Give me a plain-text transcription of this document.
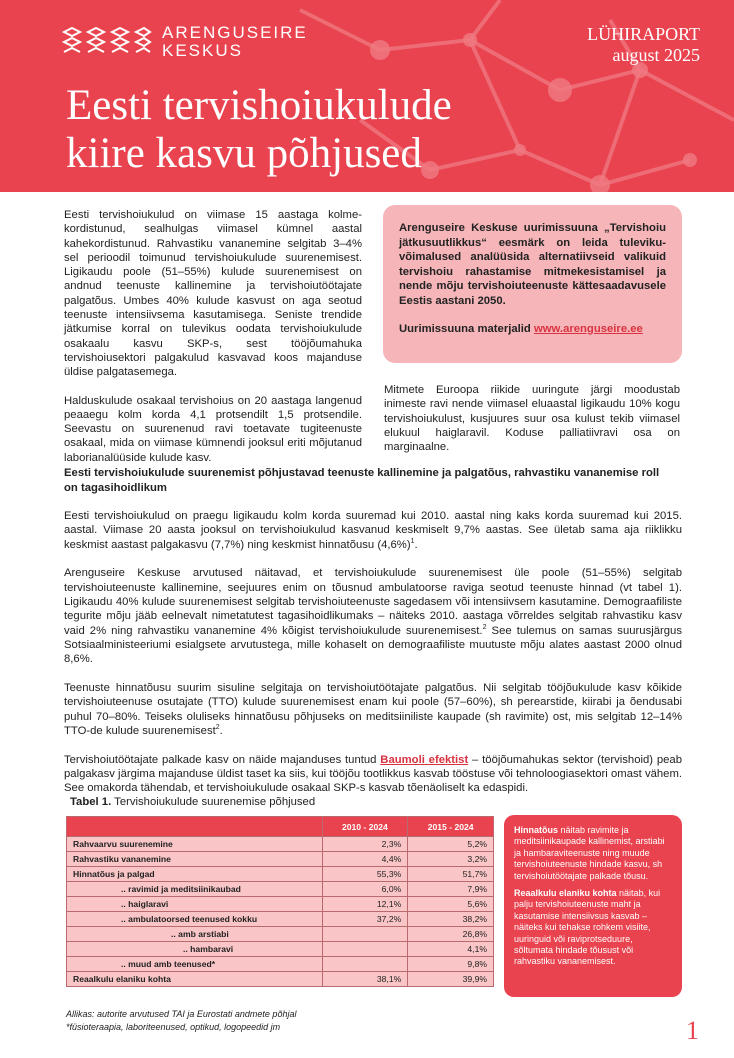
ARENGUSEIRE
KESKUS
LÜHIRAPORT
august 2025
Eesti tervishoiukulude
kiire kasvu põhjused

Eesti tervishoiukulud on viimase 15 aastaga kolmekordistunud, sealhulgas viimasel kümnel aastal kahekordistunud. Rahvastiku vananemine selgitab 3–4% sel perioodil toimunud tervishoiukulude suurenemisest. Ligikaudu poole (51–55%) kulude suurenemisest on andnud teenuste kallinemine ja tervishoiutöötajate palgatõus. Umbes 40% kulude kasvust on aga seotud teenuste intensiivsema kasutamisega. Seniste trendide jätkumise korral on tulevikus oodata tervishoiukulude osakaalu kasvu SKP-s, sest tööjõumahuka tervishoiusektori palgakulud kasvavad koos majanduse üldise palgatasemega.

Halduskulude osakaal tervishoius on 20 aastaga langenud peaaegu kolm korda 4,1 protsendilt 1,5 protsendile. Seevastu on suurenenud ravi toetavate tugiteenuste osakaal, mida on viimase kümnendi jooksul eriti mõjutanud laborianalüüside kulude kasv.

Arenguseire Keskuse uurimissuuna „Tervishoiu jätkusuutlikkus“ eesmärk on leida tulevikuvõimalused analüüsida alternatiivseid valikuid tervishoiu rahastamise mitmekesistamisel ja nende mõju tervishoiuteenuste kättesaadavusele Eestis aastani 2050.

Uurimissuuna materjalid www.arenguseire.ee

Mitmete Euroopa riikide uuringute järgi moodustab inimeste ravi nende viimasel eluaastal ligikaudu 10% kogu tervishoiukulust, kusjuures suur osa kulust tekib viimasel elukuul haiglaravil. Koduse palliatiivravi osa on marginaalne.

Eesti tervishoiukulude suurenemist põhjustavad teenuste kallinemine ja palgatõus, rahvastiku vananemise roll on tagasihoidlikum

Eesti tervishoiukulud on praegu ligikaudu kolm korda suuremad kui 2010. aastal ning kaks korda suuremad kui 2015. aastal. Viimase 20 aasta jooksul on tervishoiukulud kasvanud keskmiselt 9,7% aastas. See ületab sama aja riiklikku keskmist aastast palgakasvu (7,7%) ning keskmist hinnatõusu $(4,6\%)^1$.

Arenguseire Keskuse arvutused näitavad, et tervishoiukulude suurenemisest üle poole (51–55%) selgitab tervishoiuteenuste kallinemine, seejuures enim on tõusnud ambulatoorse raviga seotud teenuste hinnad (vt tabel 1). Ligikaudu 40% kulude suurenemisest selgitab tervishoiuteenuste sagedasem või intensiivsem kasutamine. Demograafiliste tegurite mõju jääb eelnevalt nimetatutest tagasihoidlikumaks – näiteks 2010. aastaga võrreldes selgitab rahvastiku kasv vaid 2% ning rahvastiku vananemine 4% kõigist tervishoiukulude suurenemisest.$^2$ See tulemus on samas suurusjärgus Sotsiaalministeeriumi esialgsete arvutustega, mille kohaselt on demograafiliste muutuste mõju alates aastast 2000 olnud 8,6%.

Teenuste hinnatõusu suurim sisuline selgitaja on tervishoiutöötajate palgatõus. Nii selgitab tööjõukulude kasv kõikide tervishoiuteenuse osutajate (TTO) kulude suurenemisest enam kui poole (57–60%), sh perearstide, kiirabi ja õendusabi puhul 70–80%. Teiseks oluliseks hinnatõusu põhjuseks on meditsiiniliste kaupade (sh ravimite) ost, mis selgitab 12–14% TTO-de kulude suurenemisest$^2$.

Tervishoiutöötajate palkade kasv on näide majanduses tuntud Baumoli efektist – tööjõumahukas sektor (tervishoid) peab palgakasv järgima majanduse üldist taset ka siis, kui tööjõu tootlikkus kasvab tööstuse või tehnoloogiasektori omast vähem. See omakorda tähendab, et tervishoiukulude osakaal SKP-s kasvab tõenäoliselt ka edaspidi.

Tabel 1. Tervishoiukulude suurenemise põhjused
	2010 - 2024	2015 - 2024
Rahvaarvu suurenemine	2,3%	5,2%
Rahvastiku vananemine	4,4%	3,2%
Hinnatõus ja palgad	55,3%	51,7%
.. ravimid ja meditsiinikaubad	6,0%	7,9%
.. haiglaravi	12,1%	5,6%
.. ambulatoorsed teenused kokku	37,2%	38,2%
.. amb arstiabi		26,8%
.. hambaravi		4,1%
.. muud amb teenused*		9,8%
Reaalkulu elaniku kohta	38,1%	39,9%
Allikas: autorite arvutused TAI ja Eurostati andmete põhjal
*füsioteraapia, laboriteenused, optikud, logopeedid jm

Hinnatõus näitab ravimite ja meditsiinikaupade kallinemist, arstiabi ja hambaraviteenuste ning muude tervishoiuteenuste hindade kasvu, sh tervishoiutöötajate palkade tõusu.

Reaalkulu elaniku kohta näitab, kui palju tervishoiuteenuste maht ja kasutamise intensiivsus kasvab – näiteks kui tehakse rohkem visiite, uuringuid või raviprotseduure, sõltumata hindade tõusust või rahvastiku vananemisest.

1
